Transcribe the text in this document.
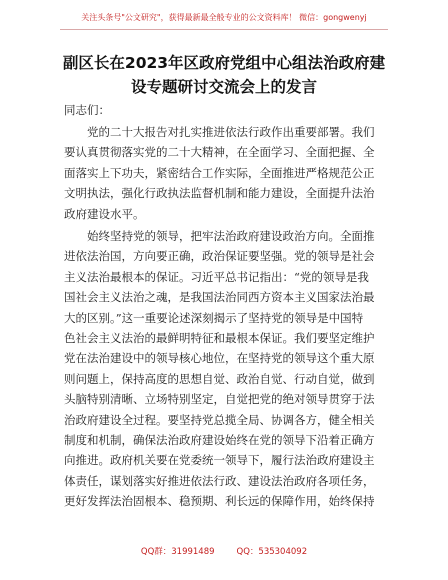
关注头条号"公文研究"，获得最新最全般专业的公文资料库！ 微信：gongwenyj
副区长在2023年区政府党组中心组法治政府建
设专题研讨交流会上的发言
同志们：
　　党的二十大报告对扎实推进依法行政作出重要部署。我们
要认真贯彻落实党的二十大精神，在全面学习、全面把握、全
面落实上下功夫，紧密结合工作实际，全面推进严格规范公正
文明执法，强化行政执法监督机制和能力建设，全面提升法治
政府建设水平。
　　始终坚持党的领导，把牢法治政府建设政治方向。全面推
进依法治国，方向要正确，政治保证要坚强。党的领导是社会
主义法治最根本的保证。习近平总书记指出：“党的领导是我
国社会主义法治之魂，是我国法治同西方资本主义国家法治最
大的区别。”这一重要论述深刻揭示了坚持党的领导是中国特
色社会主义法治的最鲜明特征和最根本保证。我们要坚定维护
党在法治建设中的领导核心地位，在坚持党的领导这个重大原
则问题上，保持高度的思想自觉、政治自觉、行动自觉，做到
头脑特别清晰、立场特别坚定，自觉把党的绝对领导贯穿于法
治政府建设全过程。要坚持党总揽全局、协调各方，健全相关
制度和机制，确保法治政府建设始终在党的领导下沿着正确方
向推进。政府机关要在党委统一领导下，履行法治政府建设主
体责任，谋划落实好推进依法行政、建设法治政府各项任务，
更好发挥法治固根本、稳预期、利长远的保障作用，始终保持
QQ群：31991489	QQ：535304092
